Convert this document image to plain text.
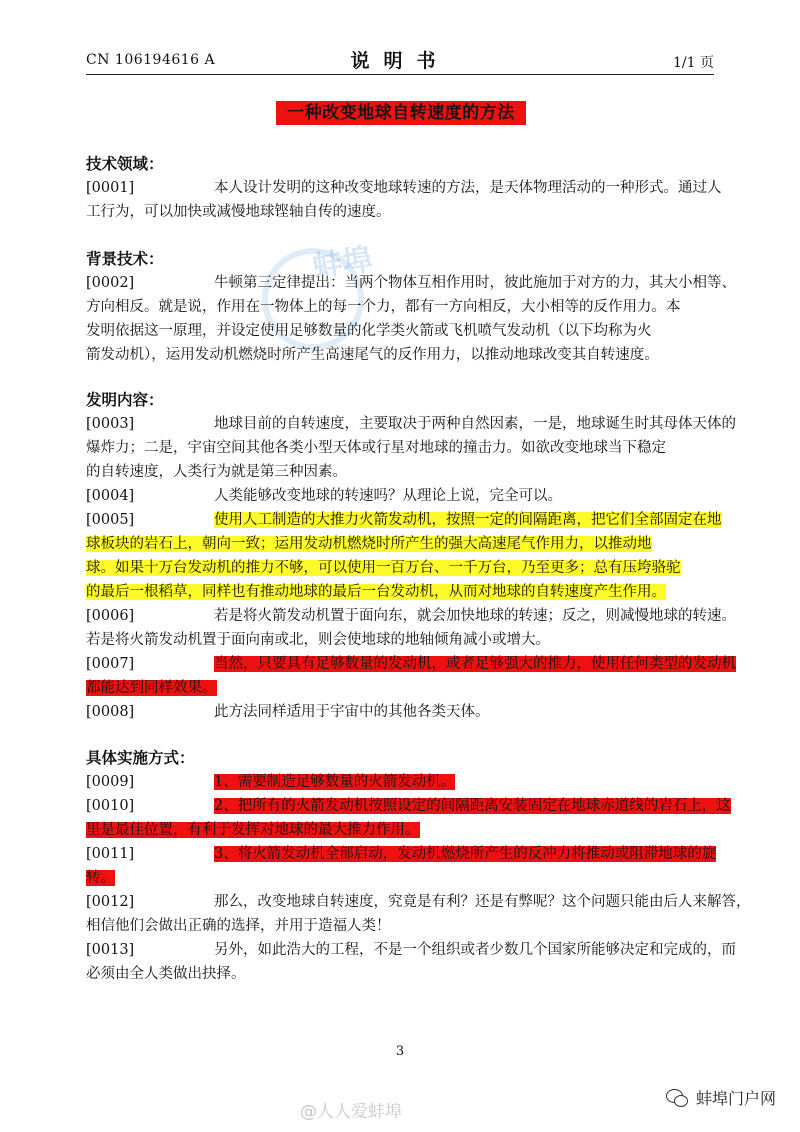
CN 106194616 A	说明书	1/1 页
一种改变地球自转速度的方法
蚌埠
技术领域：
[0001]	本人设计发明的这种改变地球转速的方法，是天体物理活动的一种形式。通过人
工行为，可以加快或减慢地球铿轴自传的速度。
背景技术：
[0002]	牛顿第三定律提出：当两个物体互相作用时，彼此施加于对方的力，其大小相等、
方向相反。就是说，作用在一物体上的每一个力，都有一方向相反，大小相等的反作用力。本
发明依据这一原理，并设定使用足够数量的化学类火箭或飞机喷气发动机（以下均称为火
箭发动机），运用发动机燃烧时所产生高速尾气的反作用力，以推动地球改变其自转速度。
发明内容：
[0003]	地球目前的自转速度，主要取决于两种自然因素，一是，地球诞生时其母体天体的
爆炸力；二是，宇宙空间其他各类小型天体或行星对地球的撞击力。如欲改变地球当下稳定
的自转速度，人类行为就是第三种因素。
[0004]	人类能够改变地球的转速吗？从理论上说，完全可以。
[0005]	使用人工制造的大推力火箭发动机，按照一定的间隔距离，把它们全部固定在地
球板块的岩石上，朝向一致；运用发动机燃烧时所产生的强大高速尾气作用力，以推动地
球。如果十万台发动机的推力不够，可以使用一百万台、一千万台，乃至更多；总有压垮骆驼
的最后一根稻草，同样也有推动地球的最后一台发动机，从而对地球的自转速度产生作用。
[0006]	若是将火箭发动机置于面向东，就会加快地球的转速；反之，则减慢地球的转速。
若是将火箭发动机置于面向南或北，则会使地球的地轴倾角减小或增大。
[0007]	当然，只要具有足够数量的发动机，或者足够强大的推力，使用任何类型的发动机
都能达到同样效果。
[0008]	此方法同样适用于宇宙中的其他各类天体。
具体实施方式：
[0009]	1、需要制造足够数量的火箭发动机。
[0010]	2、把所有的火箭发动机按照设定的间隔距离安装固定在地球赤道线的岩石上，这
里是最佳位置，有利于发挥对地球的最大推力作用。
[0011]	3、将火箭发动机全部启动，发动机燃烧所产生的反冲力将推动或阻滞地球的旋
转。
[0012]	那么，改变地球自转速度，究竟是有利？还是有弊呢？这个问题只能由后人来解答，
相信他们会做出正确的选择，并用于造福人类！
[0013]	另外，如此浩大的工程，不是一个组织或者少数几个国家所能够决定和完成的，而
必须由全人类做出抉择。
3
@人人爱蚌埠
蚌埠门户网
